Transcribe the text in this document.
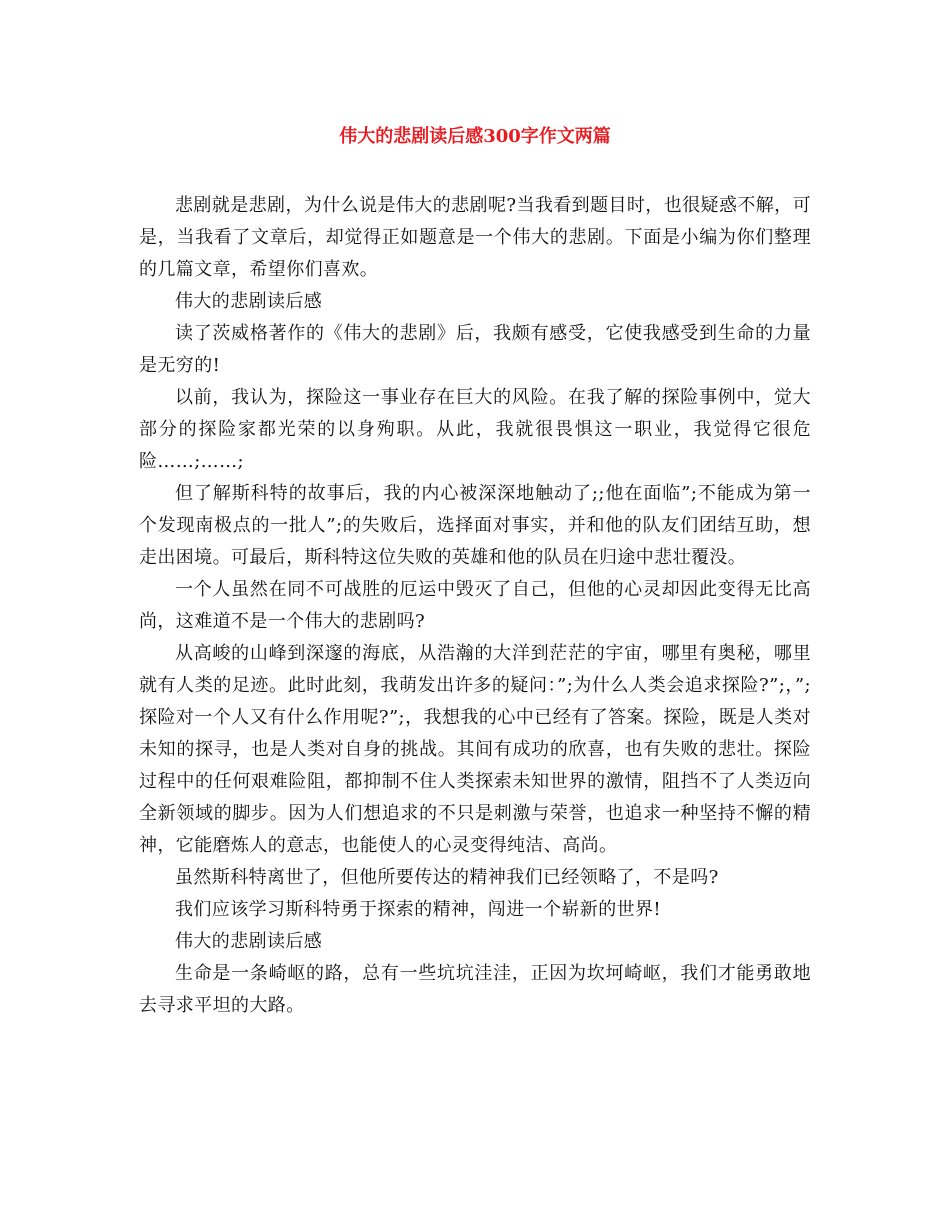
伟大的悲剧读后感300字作文两篇

悲剧就是悲剧，为什么说是伟大的悲剧呢?当我看到题目时，也很疑惑不解，可是，当我看了文章后，却觉得正如题意是一个伟大的悲剧。下面是小编为你们整理的几篇文章，希望你们喜欢。

伟大的悲剧读后感

读了茨威格著作的《伟大的悲剧》后，我颇有感受，它使我感受到生命的力量是无穷的!

以前，我认为，探险这一事业存在巨大的风险。在我了解的探险事例中，觉大部分的探险家都光荣的以身殉职。从此，我就很畏惧这一职业，我觉得它很危险……;……;

但了解斯科特的故事后，我的内心被深深地触动了;;他在面临”;不能成为第一个发现南极点的一批人”;的失败后，选择面对事实，并和他的队友们团结互助，想走出困境。可最后，斯科特这位失败的英雄和他的队员在归途中悲壮覆没。

一个人虽然在同不可战胜的厄运中毁灭了自己，但他的心灵却因此变得无比高尚，这难道不是一个伟大的悲剧吗?

从高峻的山峰到深邃的海底，从浩瀚的大洋到茫茫的宇宙，哪里有奥秘，哪里就有人类的足迹。此时此刻，我萌发出许多的疑问：”;为什么人类会追求探险?”;，”;探险对一个人又有什么作用呢?”;，我想我的心中已经有了答案。探险，既是人类对未知的探寻，也是人类对自身的挑战。其间有成功的欣喜，也有失败的悲壮。探险过程中的任何艰难险阻，都抑制不住人类探索未知世界的激情，阻挡不了人类迈向全新领域的脚步。因为人们想追求的不只是刺激与荣誉，也追求一种坚持不懈的精神，它能磨炼人的意志，也能使人的心灵变得纯洁、高尚。

虽然斯科特离世了，但他所要传达的精神我们已经领略了，不是吗?

我们应该学习斯科特勇于探索的精神，闯进一个崭新的世界!

伟大的悲剧读后感

生命是一条崎岖的路，总有一些坑坑洼洼，正因为坎坷崎岖，我们才能勇敢地去寻求平坦的大路。
